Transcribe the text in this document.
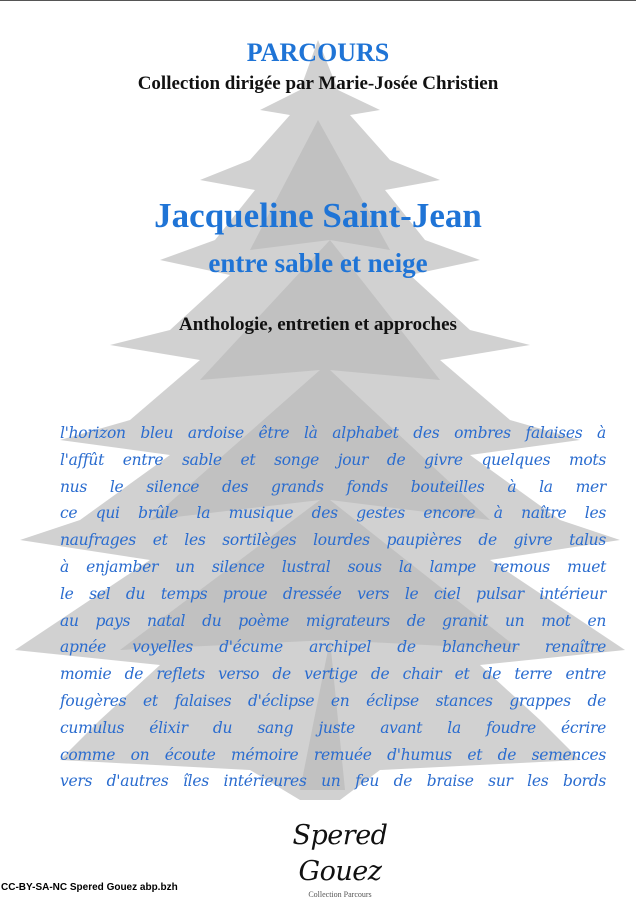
PARCOURS
Collection dirigée par Marie-Josée Christien
Jacqueline Saint-Jean
entre sable et neige
Anthologie, entretien et approches
l'horizon bleu ardoise être là alphabet des ombres falaises à
l'affût entre sable et songe jour de givre quelques mots
nus le silence des grands fonds bouteilles à la mer
ce qui brûle la musique des gestes encore à naître les
naufrages et les sortilèges lourdes paupières de givre talus
à enjamber un silence lustral sous la lampe remous muet
le sel du temps proue dressée vers le ciel pulsar intérieur
au pays natal du poème migrateurs de granit un mot en
apnée voyelles d'écume archipel de blancheur renaître
momie de reflets verso de vertige de chair et de terre entre
fougères et falaises d'éclipse en éclipse stances grappes de
cumulus élixir du sang juste avant la foudre écrire
comme on écoute mémoire remuée d'humus et de semences
vers d'autres îles intérieures un feu de braise sur les bords
Spered Gouez
Collection Parcours
CC-BY-SA-NC Spered Gouez abp.bzh
